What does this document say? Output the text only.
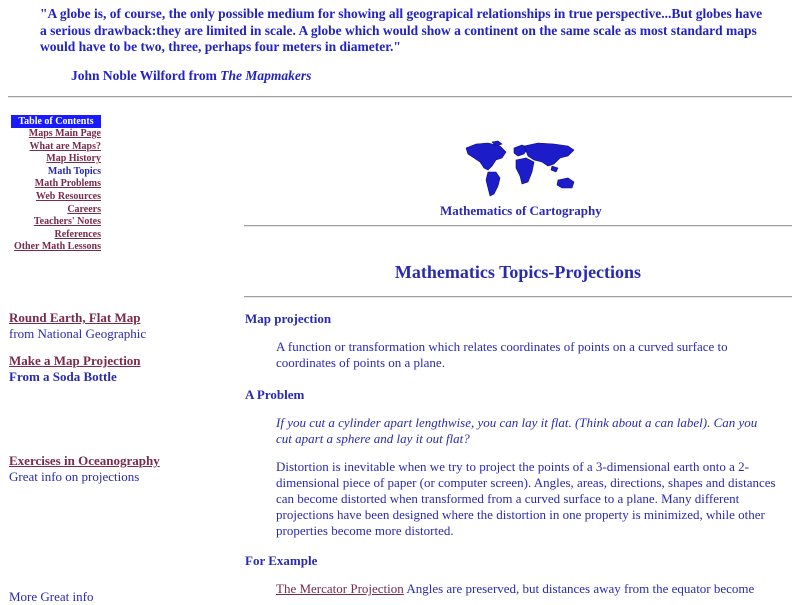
"A globe is, of course, the only possible medium for showing all geograpical relationships in true perspective...But globes have a serious drawback:they are limited in scale. A globe which would show a continent on the same scale as most standard maps would have to be two, three, perhaps four meters in diameter."
John Noble Wilford from The Mapmakers
Table of Contents
Maps Main Page
What are Maps?
Map History
Math Topics
Math Problems
Web Resources
Careers
Teachers' Notes
References
Other Math Lessons
Round Earth, Flat Map
from National Geographic
Make a Map Projection
From a Soda Bottle
Exercises in Oceanography
Great info on projections
More Great info
Mathematics of Cartography
Mathematics Topics-Projections
Map projection
A function or transformation which relates coordinates of points on a curved surface to coordinates of points on a plane.
A Problem
If you cut a cylinder apart lengthwise, you can lay it flat. (Think about a can label). Can you cut apart a sphere and lay it out flat?
Distortion is inevitable when we try to project the points of a 3-dimensional earth onto a 2-dimensional piece of paper (or computer screen). Angles, areas, directions, shapes and distances can become distorted when transformed from a curved surface to a plane. Many different projections have been designed where the distortion in one property is minimized, while other properties become more distorted.
For Example
The Mercator Projection Angles are preserved, but distances away from the equator become
